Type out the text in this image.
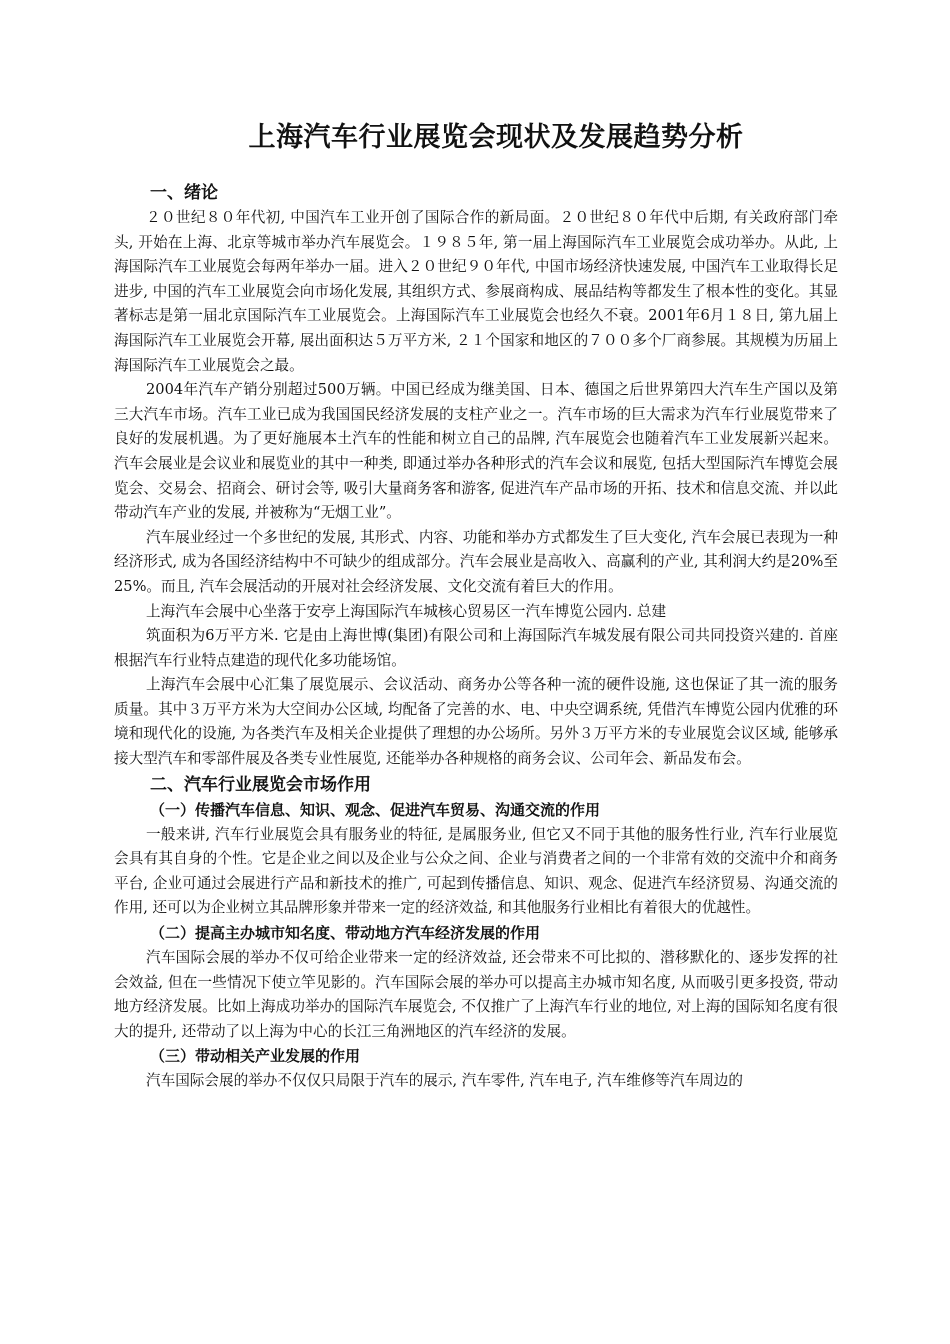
上海汽车行业展览会现状及发展趋势分析
一、绪论

２０世纪８０年代初, 中国汽车工业开创了国际合作的新局面。２０世纪８０年代中后期, 有关政府部门牵头, 开始在上海、北京等城市举办汽车展览会。１９８５年, 第一届上海国际汽车工业展览会成功举办。从此, 上海国际汽车工业展览会每两年举办一届。进入２０世纪９０年代, 中国市场经济快速发展, 中国汽车工业取得长足进步, 中国的汽车工业展览会向市场化发展, 其组织方式、参展商构成、展品结构等都发生了根本性的变化。其显著标志是第一届北京国际汽车工业展览会。上海国际汽车工业展览会也经久不衰。2001年6月１８日, 第九届上海国际汽车工业展览会开幕, 展出面积达５万平方米, ２１个国家和地区的７００多个厂商参展。其规模为历届上海国际汽车工业展览会之最。

2004年汽车产销分别超过500万辆。中国已经成为继美国、日本、德国之后世界第四大汽车生产国以及第三大汽车市场。汽车工业已成为我国国民经济发展的支柱产业之一。汽车市场的巨大需求为汽车行业展览带来了良好的发展机遇。为了更好施展本土汽车的性能和树立自己的品牌, 汽车展览会也随着汽车工业发展新兴起来。汽车会展业是会议业和展览业的其中一种类, 即通过举办各种形式的汽车会议和展览, 包括大型国际汽车博览会展览会、交易会、招商会、研讨会等, 吸引大量商务客和游客, 促进汽车产品市场的开拓、技术和信息交流、并以此带动汽车产业的发展, 并被称为“无烟工业”。

汽车展业经过一个多世纪的发展, 其形式、内容、功能和举办方式都发生了巨大变化, 汽车会展已表现为一种经济形式, 成为各国经济结构中不可缺少的组成部分。汽车会展业是高收入、高赢利的产业, 其利润大约是20%至25%。而且, 汽车会展活动的开展对社会经济发展、文化交流有着巨大的作用。

上海汽车会展中心坐落于安亭上海国际汽车城核心贸易区一汽车博览公园内. 总建

筑面积为6万平方米. 它是由上海世博(集团)有限公司和上海国际汽车城发展有限公司共同投资兴建的. 首座根据汽车行业特点建造的现代化多功能场馆。

上海汽车会展中心汇集了展览展示、会议活动、商务办公等各种一流的硬件设施, 这也保证了其一流的服务质量。其中３万平方米为大空间办公区域, 均配备了完善的水、电、中央空调系统, 凭借汽车博览公园内优雅的环境和现代化的设施, 为各类汽车及相关企业提供了理想的办公场所。另外３万平方米的专业展览会议区域, 能够承接大型汽车和零部件展及各类专业性展览, 还能举办各种规格的商务会议、公司年会、新品发布会。

二、汽车行业展览会市场作用
（一）传播汽车信息、知识、观念、促进汽车贸易、沟通交流的作用

一般来讲, 汽车行业展览会具有服务业的特征, 是属服务业, 但它又不同于其他的服务性行业, 汽车行业展览会具有其自身的个性。它是企业之间以及企业与公众之间、企业与消费者之间的一个非常有效的交流中介和商务平台, 企业可通过会展进行产品和新技术的推广, 可起到传播信息、知识、观念、促进汽车经济贸易、沟通交流的作用, 还可以为企业树立其品牌形象并带来一定的经济效益, 和其他服务行业相比有着很大的优越性。

（二）提高主办城市知名度、带动地方汽车经济发展的作用

汽车国际会展的举办不仅可给企业带来一定的经济效益, 还会带来不可比拟的、潜移默化的、逐步发挥的社会效益, 但在一些情况下使立竿见影的。汽车国际会展的举办可以提高主办城市知名度, 从而吸引更多投资, 带动地方经济发展。比如上海成功举办的国际汽车展览会, 不仅推广了上海汽车行业的地位, 对上海的国际知名度有很大的提升, 还带动了以上海为中心的长江三角洲地区的汽车经济的发展。

（三）带动相关产业发展的作用

汽车国际会展的举办不仅仅只局限于汽车的展示, 汽车零件, 汽车电子, 汽车维修等汽车周边的
